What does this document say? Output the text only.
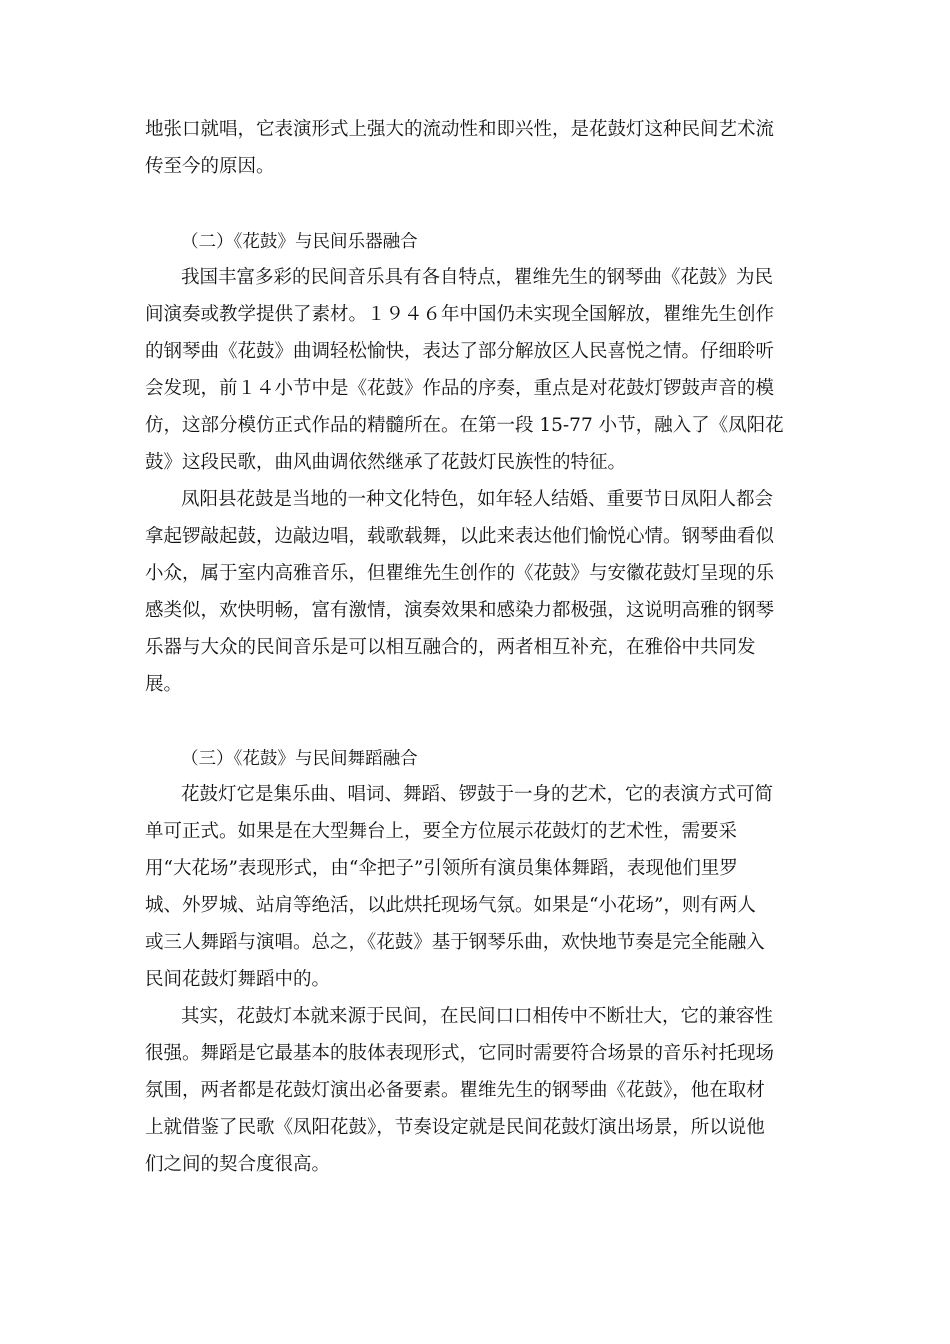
地张口就唱，它表演形式上强大的流动性和即兴性，是花鼓灯这种民间艺术流
传至今的原因。
（二）《花鼓》与民间乐器融合
我国丰富多彩的民间音乐具有各自特点，瞿维先生的钢琴曲《花鼓》为民
间演奏或教学提供了素材。１９４６年中国仍未实现全国解放，瞿维先生创作
的钢琴曲《花鼓》曲调轻松愉快，表达了部分解放区人民喜悦之情。仔细聆听
会发现，前１４小节中是《花鼓》作品的序奏，重点是对花鼓灯锣鼓声音的模
仿，这部分模仿正式作品的精髓所在。在第一段 15-77 小节，融入了《凤阳花
鼓》这段民歌，曲风曲调依然继承了花鼓灯民族性的特征。
凤阳县花鼓是当地的一种文化特色，如年轻人结婚、重要节日凤阳人都会
拿起锣敲起鼓，边敲边唱，载歌载舞，以此来表达他们愉悦心情。钢琴曲看似
小众，属于室内高雅音乐，但瞿维先生创作的《花鼓》与安徽花鼓灯呈现的乐
感类似，欢快明畅，富有激情，演奏效果和感染力都极强，这说明高雅的钢琴
乐器与大众的民间音乐是可以相互融合的，两者相互补充，在雅俗中共同发
展。
（三）《花鼓》与民间舞蹈融合
花鼓灯它是集乐曲、唱词、舞蹈、锣鼓于一身的艺术，它的表演方式可简
单可正式。如果是在大型舞台上，要全方位展示花鼓灯的艺术性，需要采
用“大花场”表现形式，由“伞把子”引领所有演员集体舞蹈，表现他们里罗
城、外罗城、站肩等绝活，以此烘托现场气氛。如果是“小花场”，则有两人
或三人舞蹈与演唱。总之，《花鼓》基于钢琴乐曲，欢快地节奏是完全能融入
民间花鼓灯舞蹈中的。
其实，花鼓灯本就来源于民间，在民间口口相传中不断壮大，它的兼容性
很强。舞蹈是它最基本的肢体表现形式，它同时需要符合场景的音乐衬托现场
氛围，两者都是花鼓灯演出必备要素。瞿维先生的钢琴曲《花鼓》，他在取材
上就借鉴了民歌《凤阳花鼓》，节奏设定就是民间花鼓灯演出场景，所以说他
们之间的契合度很高。
